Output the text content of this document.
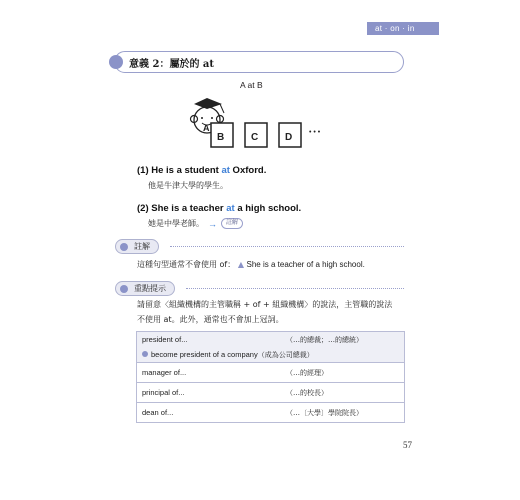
at · on · in
意義 2：屬於的 at
A at B
A
B	C	D • • •
(1) He is a student at Oxford.
他是牛津大學的學生。
(2) She is a teacher at a high school.
她是中學老師。 →	註解
註解
這種句型通常不會使用 of： ▲ She is a teacher of a high school.
重點提示
請留意〈組織機構的主管職稱 + of + 組織機構〉的說法，主管職的說法
不使用 at。此外，通常也不會加上冠詞。
president of...	（…的總裁；…的總統）
become president of a company（成為公司總裁）
manager of...	（…的經理）
principal of...	（…的校長）
dean of...	（…〔大學〕學院院長）
57
